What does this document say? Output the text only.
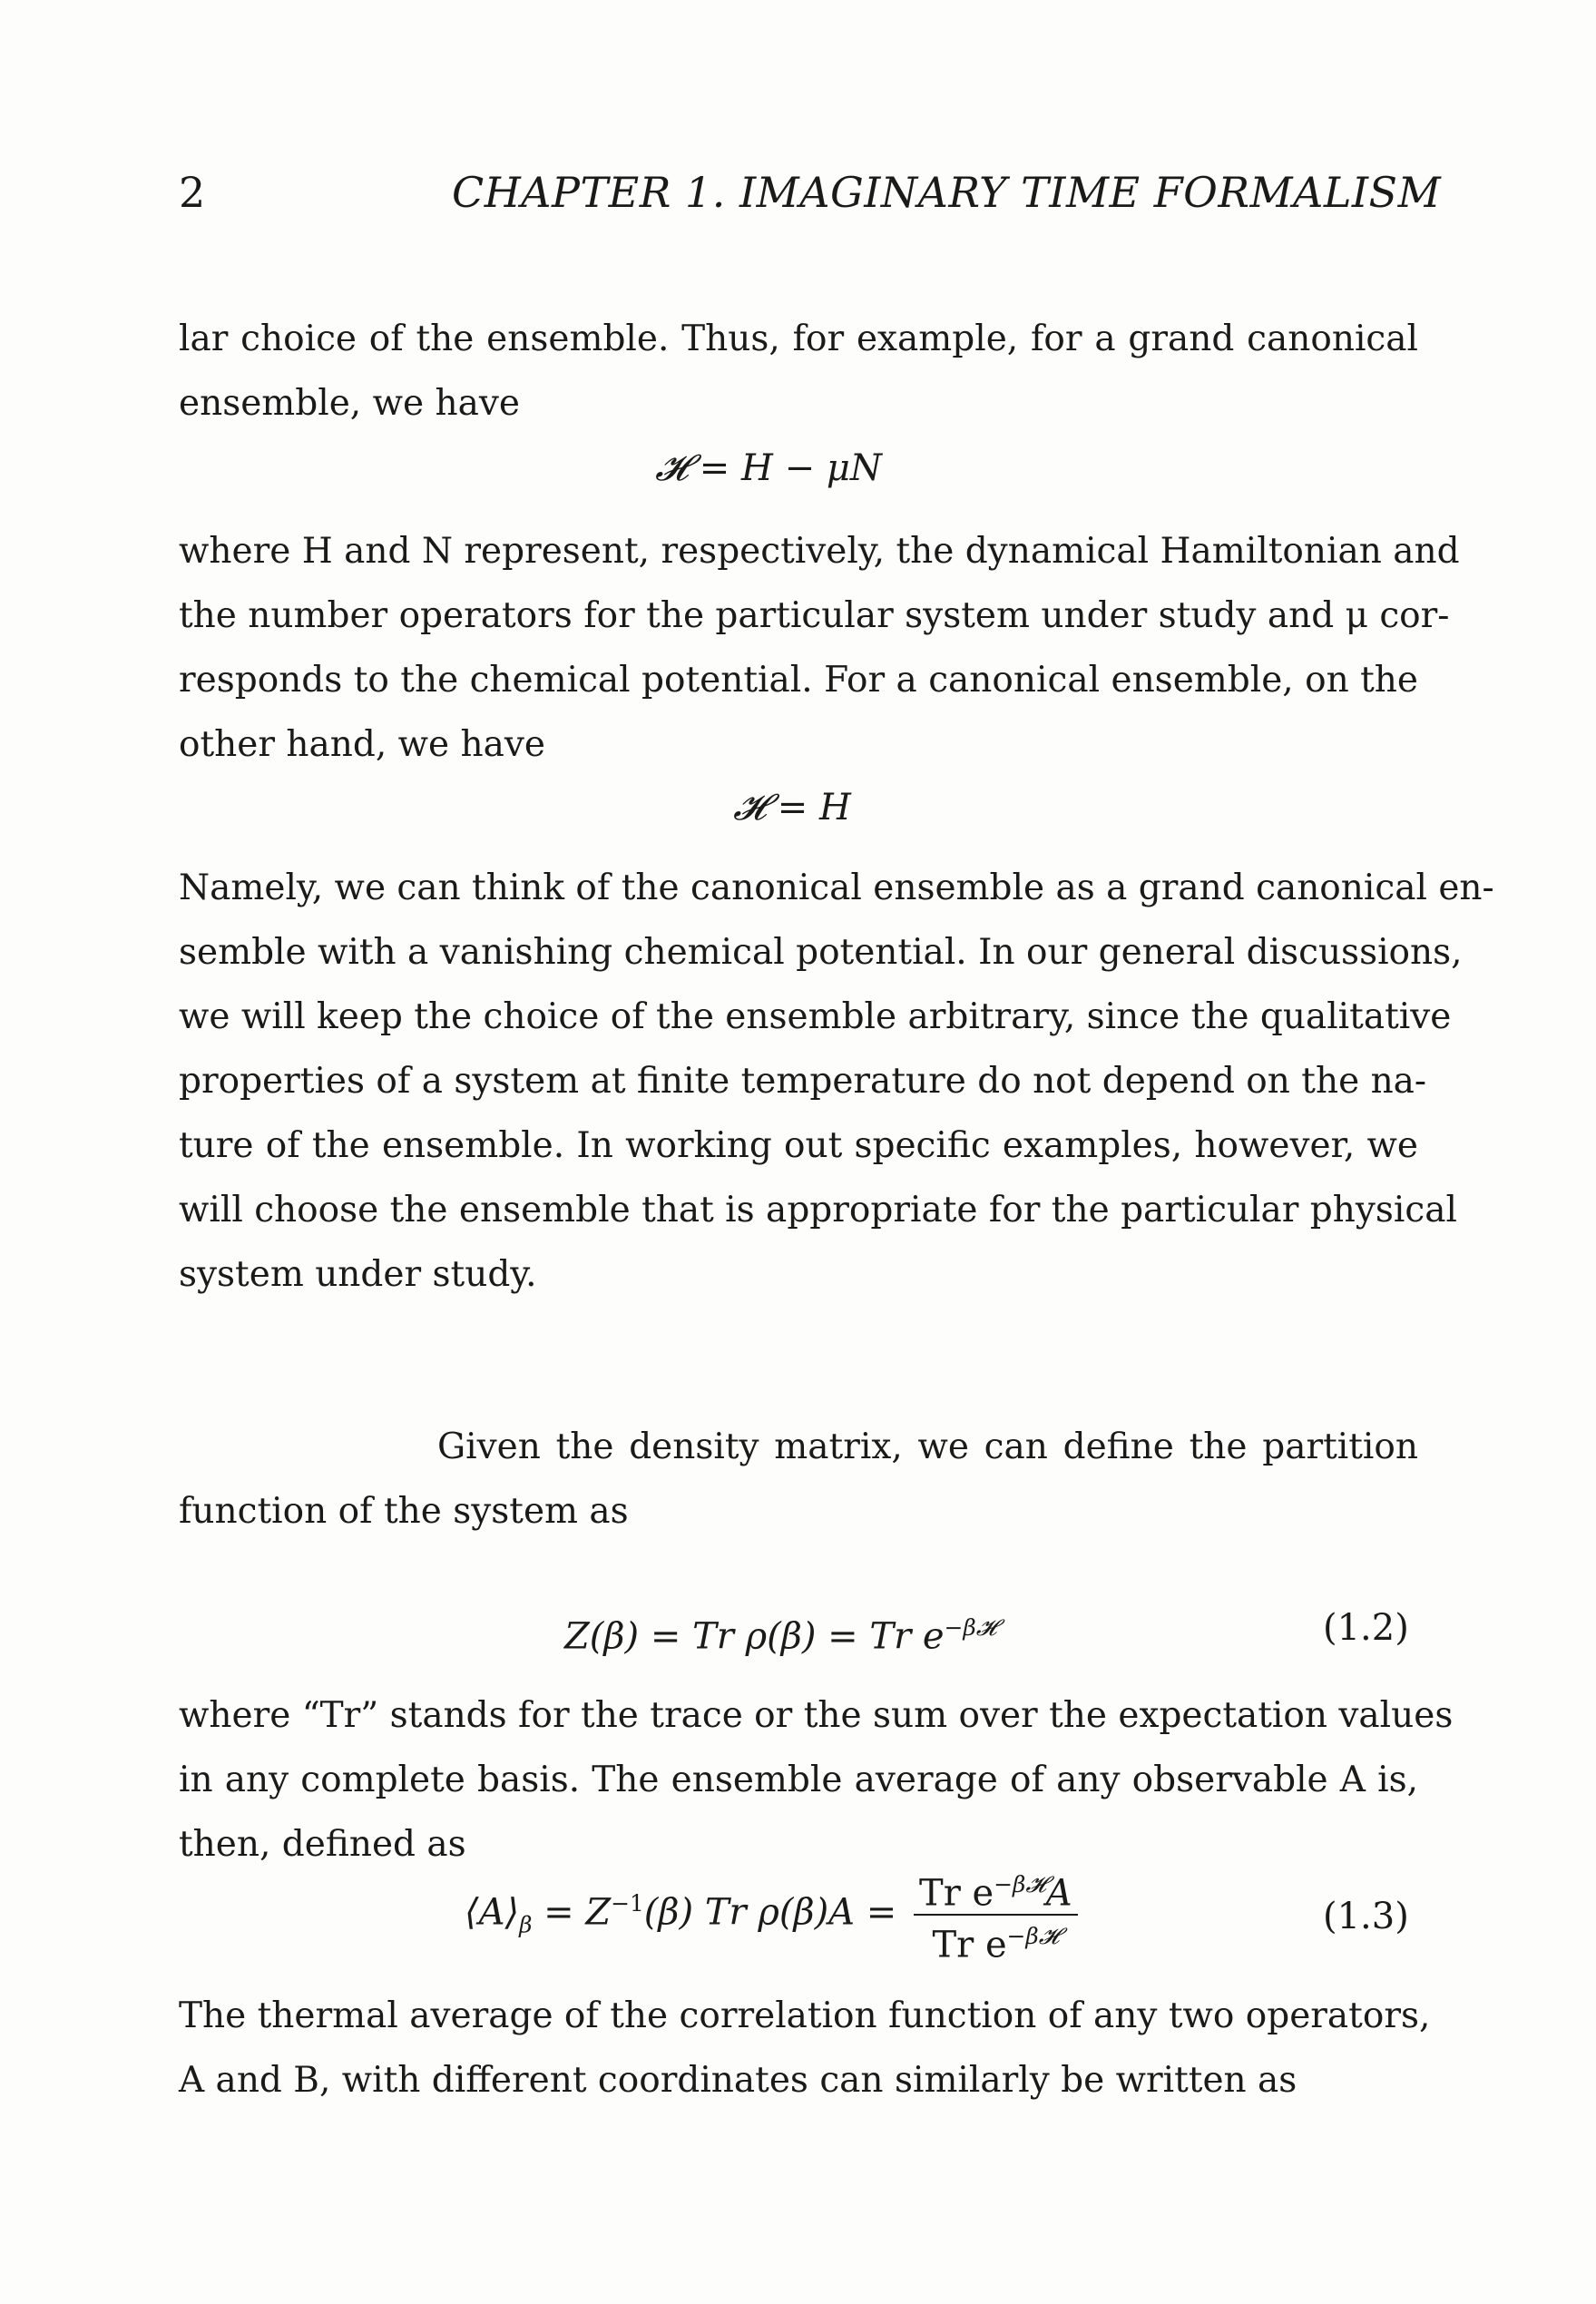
2	CHAPTER 1. IMAGINARY TIME FORMALISM
lar choice of the ensemble. Thus, for example, for a grand canonical
ensemble, we have
𝓗 = H − μN
where H and N represent, respectively, the dynamical Hamiltonian and
the number operators for the particular system under study and μ cor-
responds to the chemical potential. For a canonical ensemble, on the
other hand, we have
𝓗 = H
Namely, we can think of the canonical ensemble as a grand canonical en-
semble with a vanishing chemical potential. In our general discussions,
we will keep the choice of the ensemble arbitrary, since the qualitative
properties of a system at finite temperature do not depend on the na-
ture of the ensemble. In working out specific examples, however, we
will choose the ensemble that is appropriate for the particular physical
system under study.
Given the density matrix, we can define the partition
function of the system as
Z(β) = Tr ρ(β) = Tr $e^{-\beta 𝓗}$	(1.2)
where “Tr” stands for the trace or the sum over the expectation values
in any complete basis. The ensemble average of any observable A is,
then, defined as
$⟨A⟩_\beta = Z^{-1}(\beta)$ Tr $\rho(\beta)A = \frac{Tr e^{-\beta 𝓗}A}{Tr e^{-\beta 𝓗}}$	(1.3)
The thermal average of the correlation function of any two operators,
A and B, with different coordinates can similarly be written as
